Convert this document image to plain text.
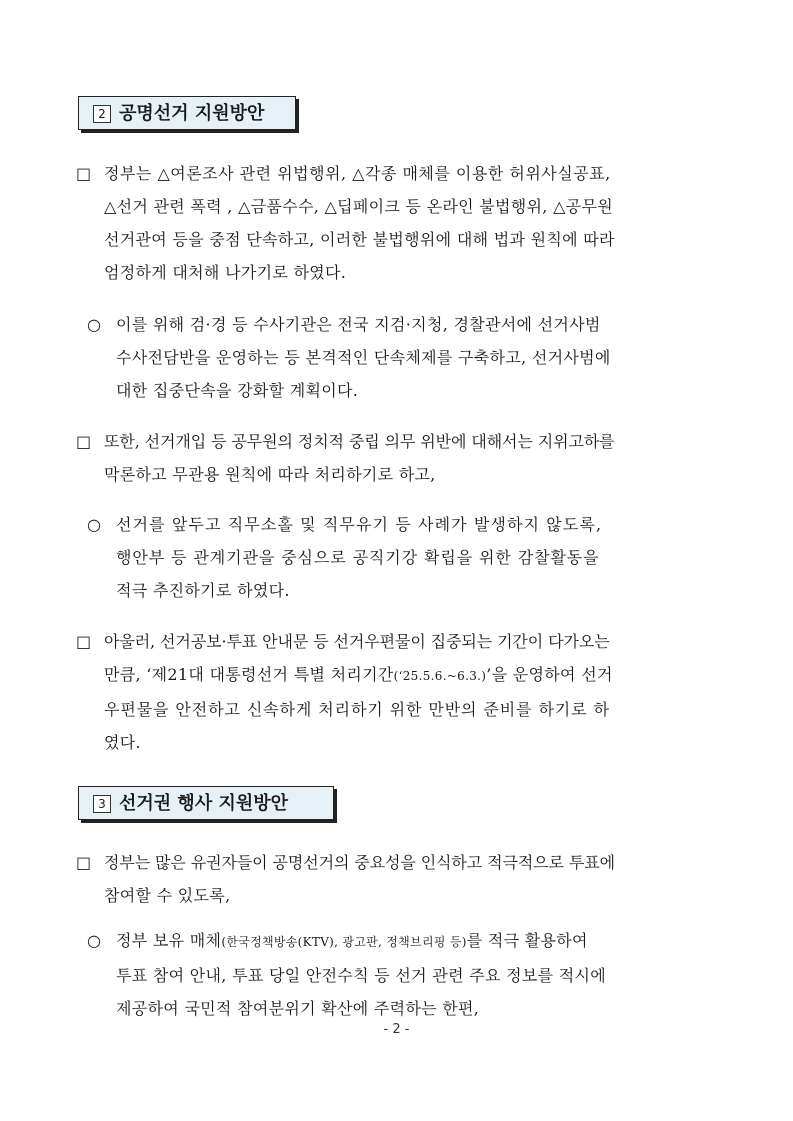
2 공명선거 지원방안
□ 정부는 △여론조사 관련 위법행위, △각종 매체를 이용한 허위사실공표,
△선거 관련 폭력 , △금품수수, △딥페이크 등 온라인 불법행위, △공무원
선거관여 등을 중점 단속하고, 이러한 불법행위에 대해 법과 원칙에 따라
엄정하게 대처해 나가기로 하였다.
○ 이를 위해 검·경 등 수사기관은 전국 지검·지청, 경찰관서에 선거사범
수사전담반을 운영하는 등 본격적인 단속체제를 구축하고, 선거사범에
대한 집중단속을 강화할 계획이다.
□ 또한, 선거개입 등 공무원의 정치적 중립 의무 위반에 대해서는 지위고하를
막론하고 무관용 원칙에 따라 처리하기로 하고,
○ 선거를 앞두고 직무소홀 및 직무유기 등 사례가 발생하지 않도록,
행안부 등 관계기관을 중심으로 공직기강 확립을 위한 감찰활동을
적극 추진하기로 하였다.
□ 아울러, 선거공보·투표 안내문 등 선거우편물이 집중되는 기간이 다가오는
만큼, ‘제21대 대통령선거 특별 처리기간(‘25.5.6.~6.3.)’을 운영하여 선거
우편물을 안전하고 신속하게 처리하기 위한 만반의 준비를 하기로 하
였다.
3 선거권 행사 지원방안
□ 정부는 많은 유권자들이 공명선거의 중요성을 인식하고 적극적으로 투표에
참여할 수 있도록,
○ 정부 보유 매체(한국정책방송(KTV), 광고판, 정책브리핑 등)를 적극 활용하여
투표 참여 안내, 투표 당일 안전수칙 등 선거 관련 주요 정보를 적시에
제공하여 국민적 참여분위기 확산에 주력하는 한편,
- 2 -
